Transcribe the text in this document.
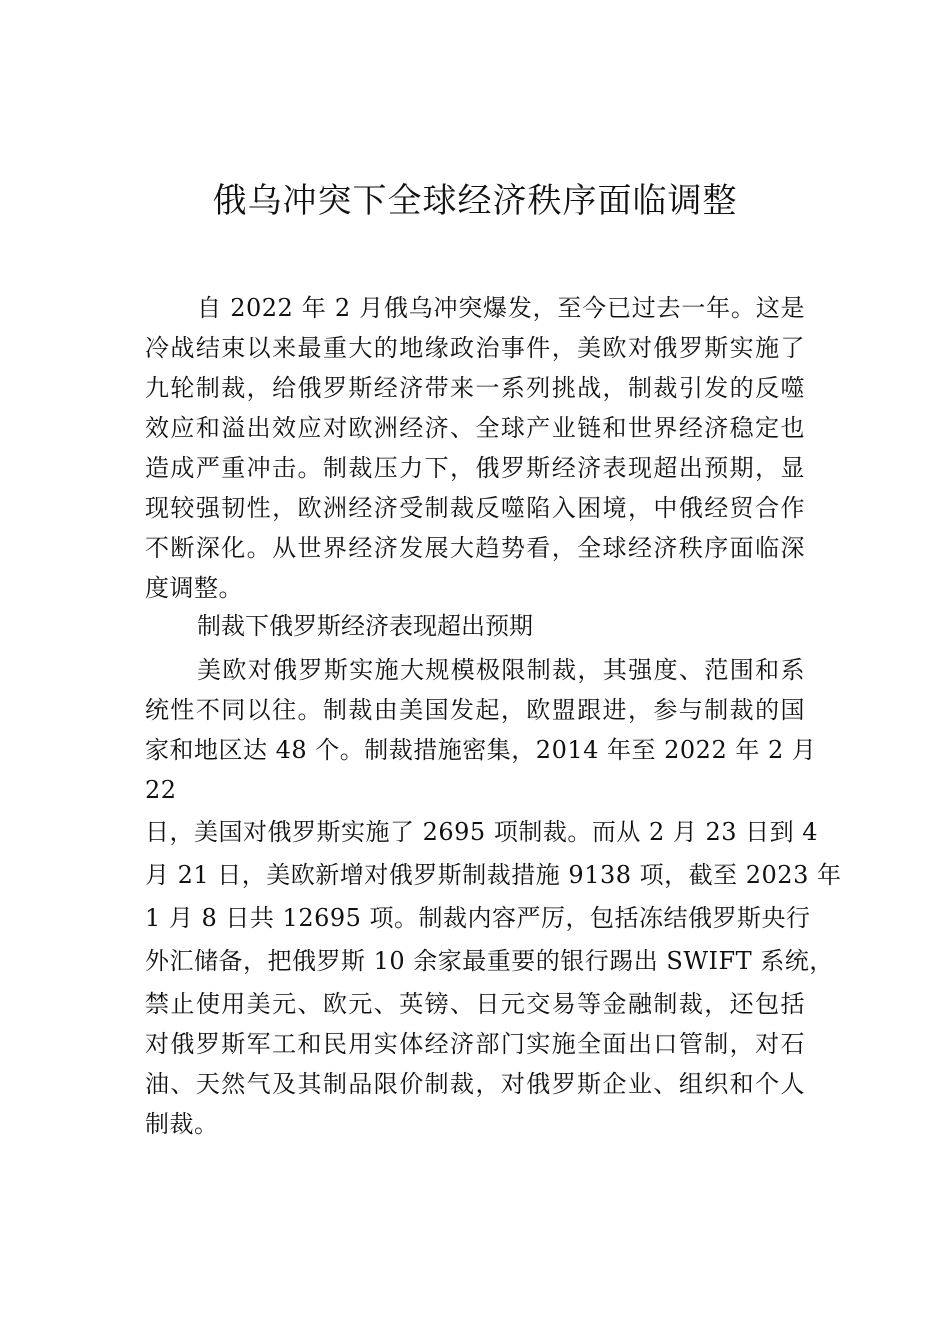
俄乌冲突下全球经济秩序面临调整
自 2022 年 2 月俄乌冲突爆发，至今已过去一年。这是
冷战结束以来最重大的地缘政治事件，美欧对俄罗斯实施了
九轮制裁，给俄罗斯经济带来一系列挑战，制裁引发的反噬
效应和溢出效应对欧洲经济、全球产业链和世界经济稳定也
造成严重冲击。制裁压力下，俄罗斯经济表现超出预期，显
现较强韧性，欧洲经济受制裁反噬陷入困境，中俄经贸合作
不断深化。从世界经济发展大趋势看，全球经济秩序面临深
度调整。
制裁下俄罗斯经济表现超出预期
美欧对俄罗斯实施大规模极限制裁，其强度、范围和系
统性不同以往。制裁由美国发起，欧盟跟进，参与制裁的国
家和地区达 48 个。制裁措施密集，2014 年至 2022 年 2 月
22
日，美国对俄罗斯实施了 2695 项制裁。而从 2 月 23 日到 4
月 21 日，美欧新增对俄罗斯制裁措施 9138 项，截至 2023 年
1 月 8 日共 12695 项。制裁内容严厉，包括冻结俄罗斯央行
外汇储备，把俄罗斯 10 余家最重要的银行踢出 SWIFT 系统，
禁止使用美元、欧元、英镑、日元交易等金融制裁，还包括
对俄罗斯军工和民用实体经济部门实施全面出口管制，对石
油、天然气及其制品限价制裁，对俄罗斯企业、组织和个人
制裁。
